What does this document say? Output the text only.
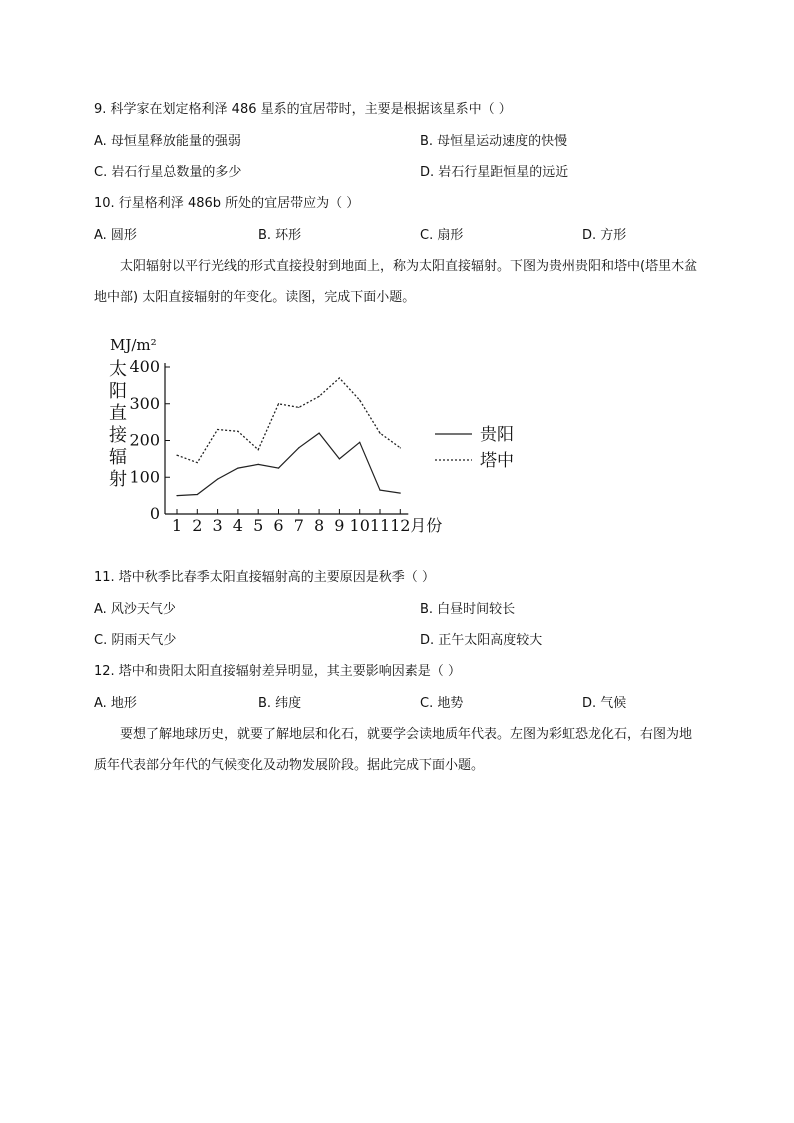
9. 科学家在划定格利泽 486 星系的宜居带时，主要是根据该星系中（ ）
A. 母恒星释放能量的强弱	B. 母恒星运动速度的快慢
C. 岩石行星总数量的多少	D. 岩石行星距恒星的远近
10. 行星格利泽 486b 所处的宜居带应为（ ）
A. 圆形	B. 环形	C. 扇形	D. 方形
太阳辐射以平行光线的形式直接投射到地面上，称为太阳直接辐射。下图为贵州贵阳和塔中(塔里木盆地中部) 太阳直接辐射的年变化。读图，完成下面小题。
0
100
200
300
400
1 2 3 4 5 6 7 8 9 10 11 12 月份
MJ/m²
太
阳
直
接
辐
射
贵阳
塔中
11. 塔中秋季比春季太阳直接辐射高的主要原因是秋季（ ）
A. 风沙天气少	B. 白昼时间较长
C. 阴雨天气少	D. 正午太阳高度较大
12. 塔中和贵阳太阳直接辐射差异明显，其主要影响因素是（ ）
A. 地形	B. 纬度	C. 地势	D. 气候
要想了解地球历史，就要了解地层和化石，就要学会读地质年代表。左图为彩虹恐龙化石，右图为地质年代表部分年代的气候变化及动物发展阶段。据此完成下面小题。
